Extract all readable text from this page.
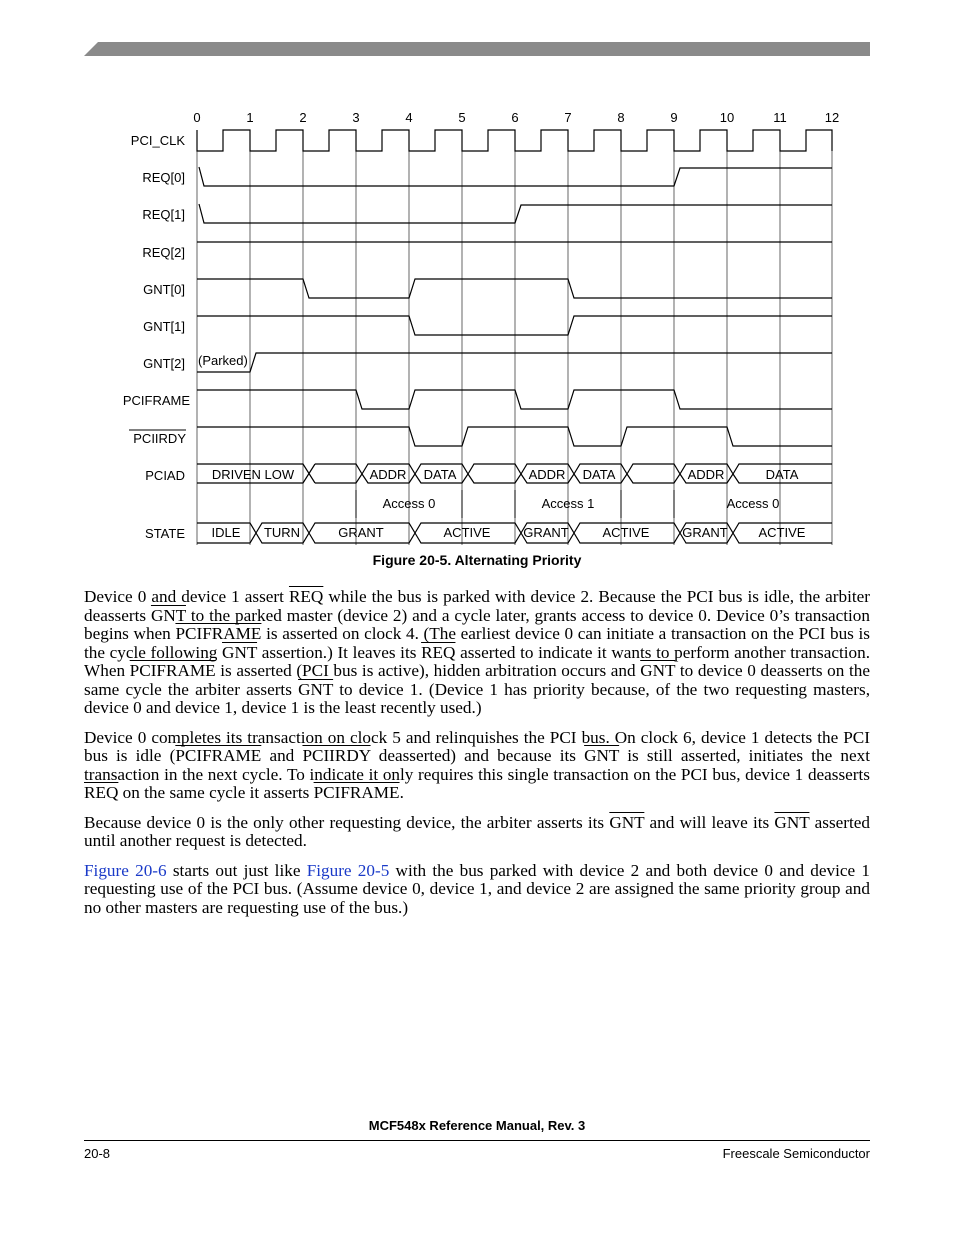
0	1	2	3	4	5	6	7	8	9	10	11	12
PCI_CLK
REQ[0]
REQ[1]
REQ[2]
GNT[0]
GNT[1]
GNT[2]
PCIFRAME
PCIIRDY
PCIAD
STATE
DRIVEN LOW	ADDR DATA	ADDR DATA	ADDR	DATA
Access 0	Access 1	Access 0
IDLE TURN	GRANT	ACTIVE	GRANT	ACTIVE	GRANT ACTIVE
(Parked)
Figure 20-5. Alternating Priority

Device 0 and device 1 assert $\overline{REQ}$ while the bus is parked with device 2. Because the PCI bus is idle, the arbiter deasserts $\overline{GNT}$ to the parked master (device 2) and a cycle later, grants access to device 0. Device 0’s transaction begins when PCIFRAME is asserted on clock 4. (The earliest device 0 can initiate a transaction on the PCI bus is the cycle following $\overline{GNT}$ assertion.) It leaves its $\overline{REQ}$ asserted to indicate it wants to perform another transaction. When PCIFRAME is asserted (PCI bus is active), hidden arbitration occurs and $\overline{GNT}$ to device 0 deasserts on the same cycle the arbiter asserts $\overline{GNT}$ to device 1. (Device 1 has priority because, of the two requesting masters, device 0 and device 1, device 1 is the least recently used.)

Device 0 completes its transaction on clock 5 and relinquishes the PCI bus. On clock 6, device 1 detects the PCI bus is idle (PCIFRAME and PCIIRDY deasserted) and because its $\overline{GNT}$ is still asserted, initiates the next transaction in the next cycle. To indicate it only requires this single transaction on the PCI bus, device 1 deasserts $\overline{REQ}$ on the same cycle it asserts PCIFRAME.

Because device 0 is the only other requesting device, the arbiter asserts its $\overline{GNT}$ and will leave its $\overline{GNT}$ asserted until another request is detected.

Figure 20-6 starts out just like Figure 20-5 with the bus parked with device 2 and both device 0 and device 1 requesting use of the PCI bus. (Assume device 0, device 1, and device 2 are assigned the same priority group and no other masters are requesting use of the bus.)

MCF548x Reference Manual, Rev. 3
20-8	Freescale Semiconductor
